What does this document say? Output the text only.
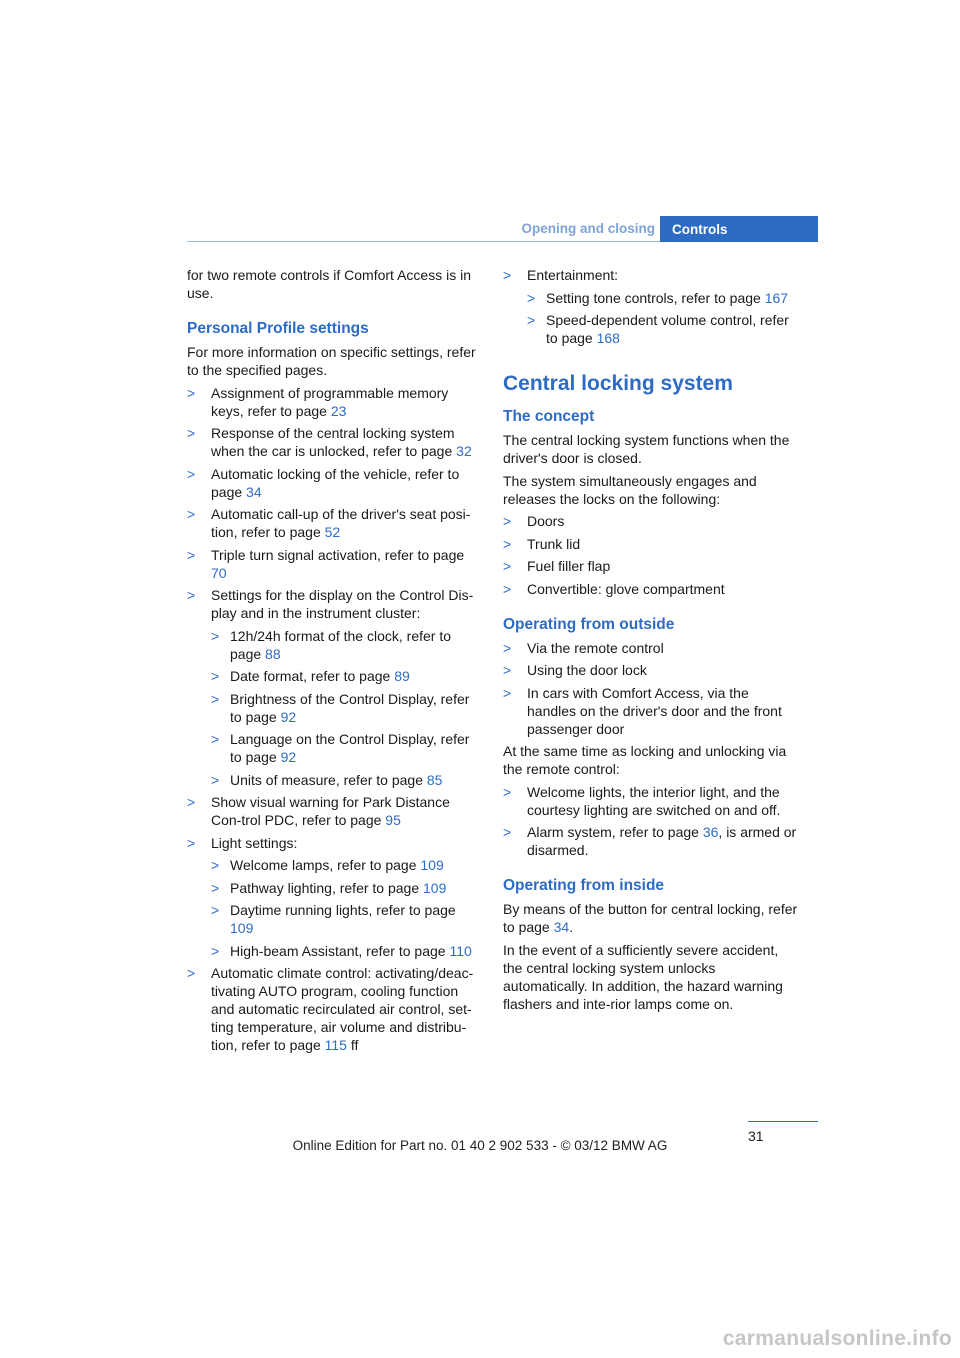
Opening and closing Controls

for two remote controls if Comfort Access is in use.

Personal Profile settings

For more information on specific settings, refer to the specified pages.

> Assignment of programmable memory keys, refer to page 23
> Response of the central locking system when the car is unlocked, refer to page 32
> Automatic locking of the vehicle, refer to page 34
> Automatic call-up of the driver's seat posi-tion, refer to page 52
> Triple turn signal activation, refer to page 70
> Settings for the display on the Control Dis-play and in the instrument cluster:
> 12h/24h format of the clock, refer to page 88
> Date format, refer to page 89
> Brightness of the Control Display, refer to page 92
> Language on the Control Display, refer to page 92
> Units of measure, refer to page 85
> Show visual warning for Park Distance Con-trol PDC, refer to page 95
> Light settings:
> Welcome lamps, refer to page 109
> Pathway lighting, refer to page 109
> Daytime running lights, refer to page 109
> High-beam Assistant, refer to page 110
> Automatic climate control: activating/deac-tivating AUTO program, cooling function and automatic recirculated air control, set-ting temperature, air volume and distribu-tion, refer to page 115 ff
> Entertainment:
> Setting tone controls, refer to page 167
> Speed-dependent volume control, refer to page 168
Central locking system
The concept

The central locking system functions when the driver's door is closed.

The system simultaneously engages and releases the locks on the following:

> Doors
> Trunk lid
> Fuel filler flap
> Convertible: glove compartment
Operating from outside
> Via the remote control
> Using the door lock
> In cars with Comfort Access, via the handles on the driver's door and the front passenger door

At the same time as locking and unlocking via the remote control:

> Welcome lights, the interior light, and the courtesy lighting are switched on and off.
> Alarm system, refer to page 36, is armed or disarmed.
Operating from inside

By means of the button for central locking, refer to page 34.

In the event of a sufficiently severe accident, the central locking system unlocks automatically. In addition, the hazard warning flashers and inte-rior lamps come on.

31
Online Edition for Part no. 01 40 2 902 533 - © 03/12 BMW AG
carmanualsonline.info
